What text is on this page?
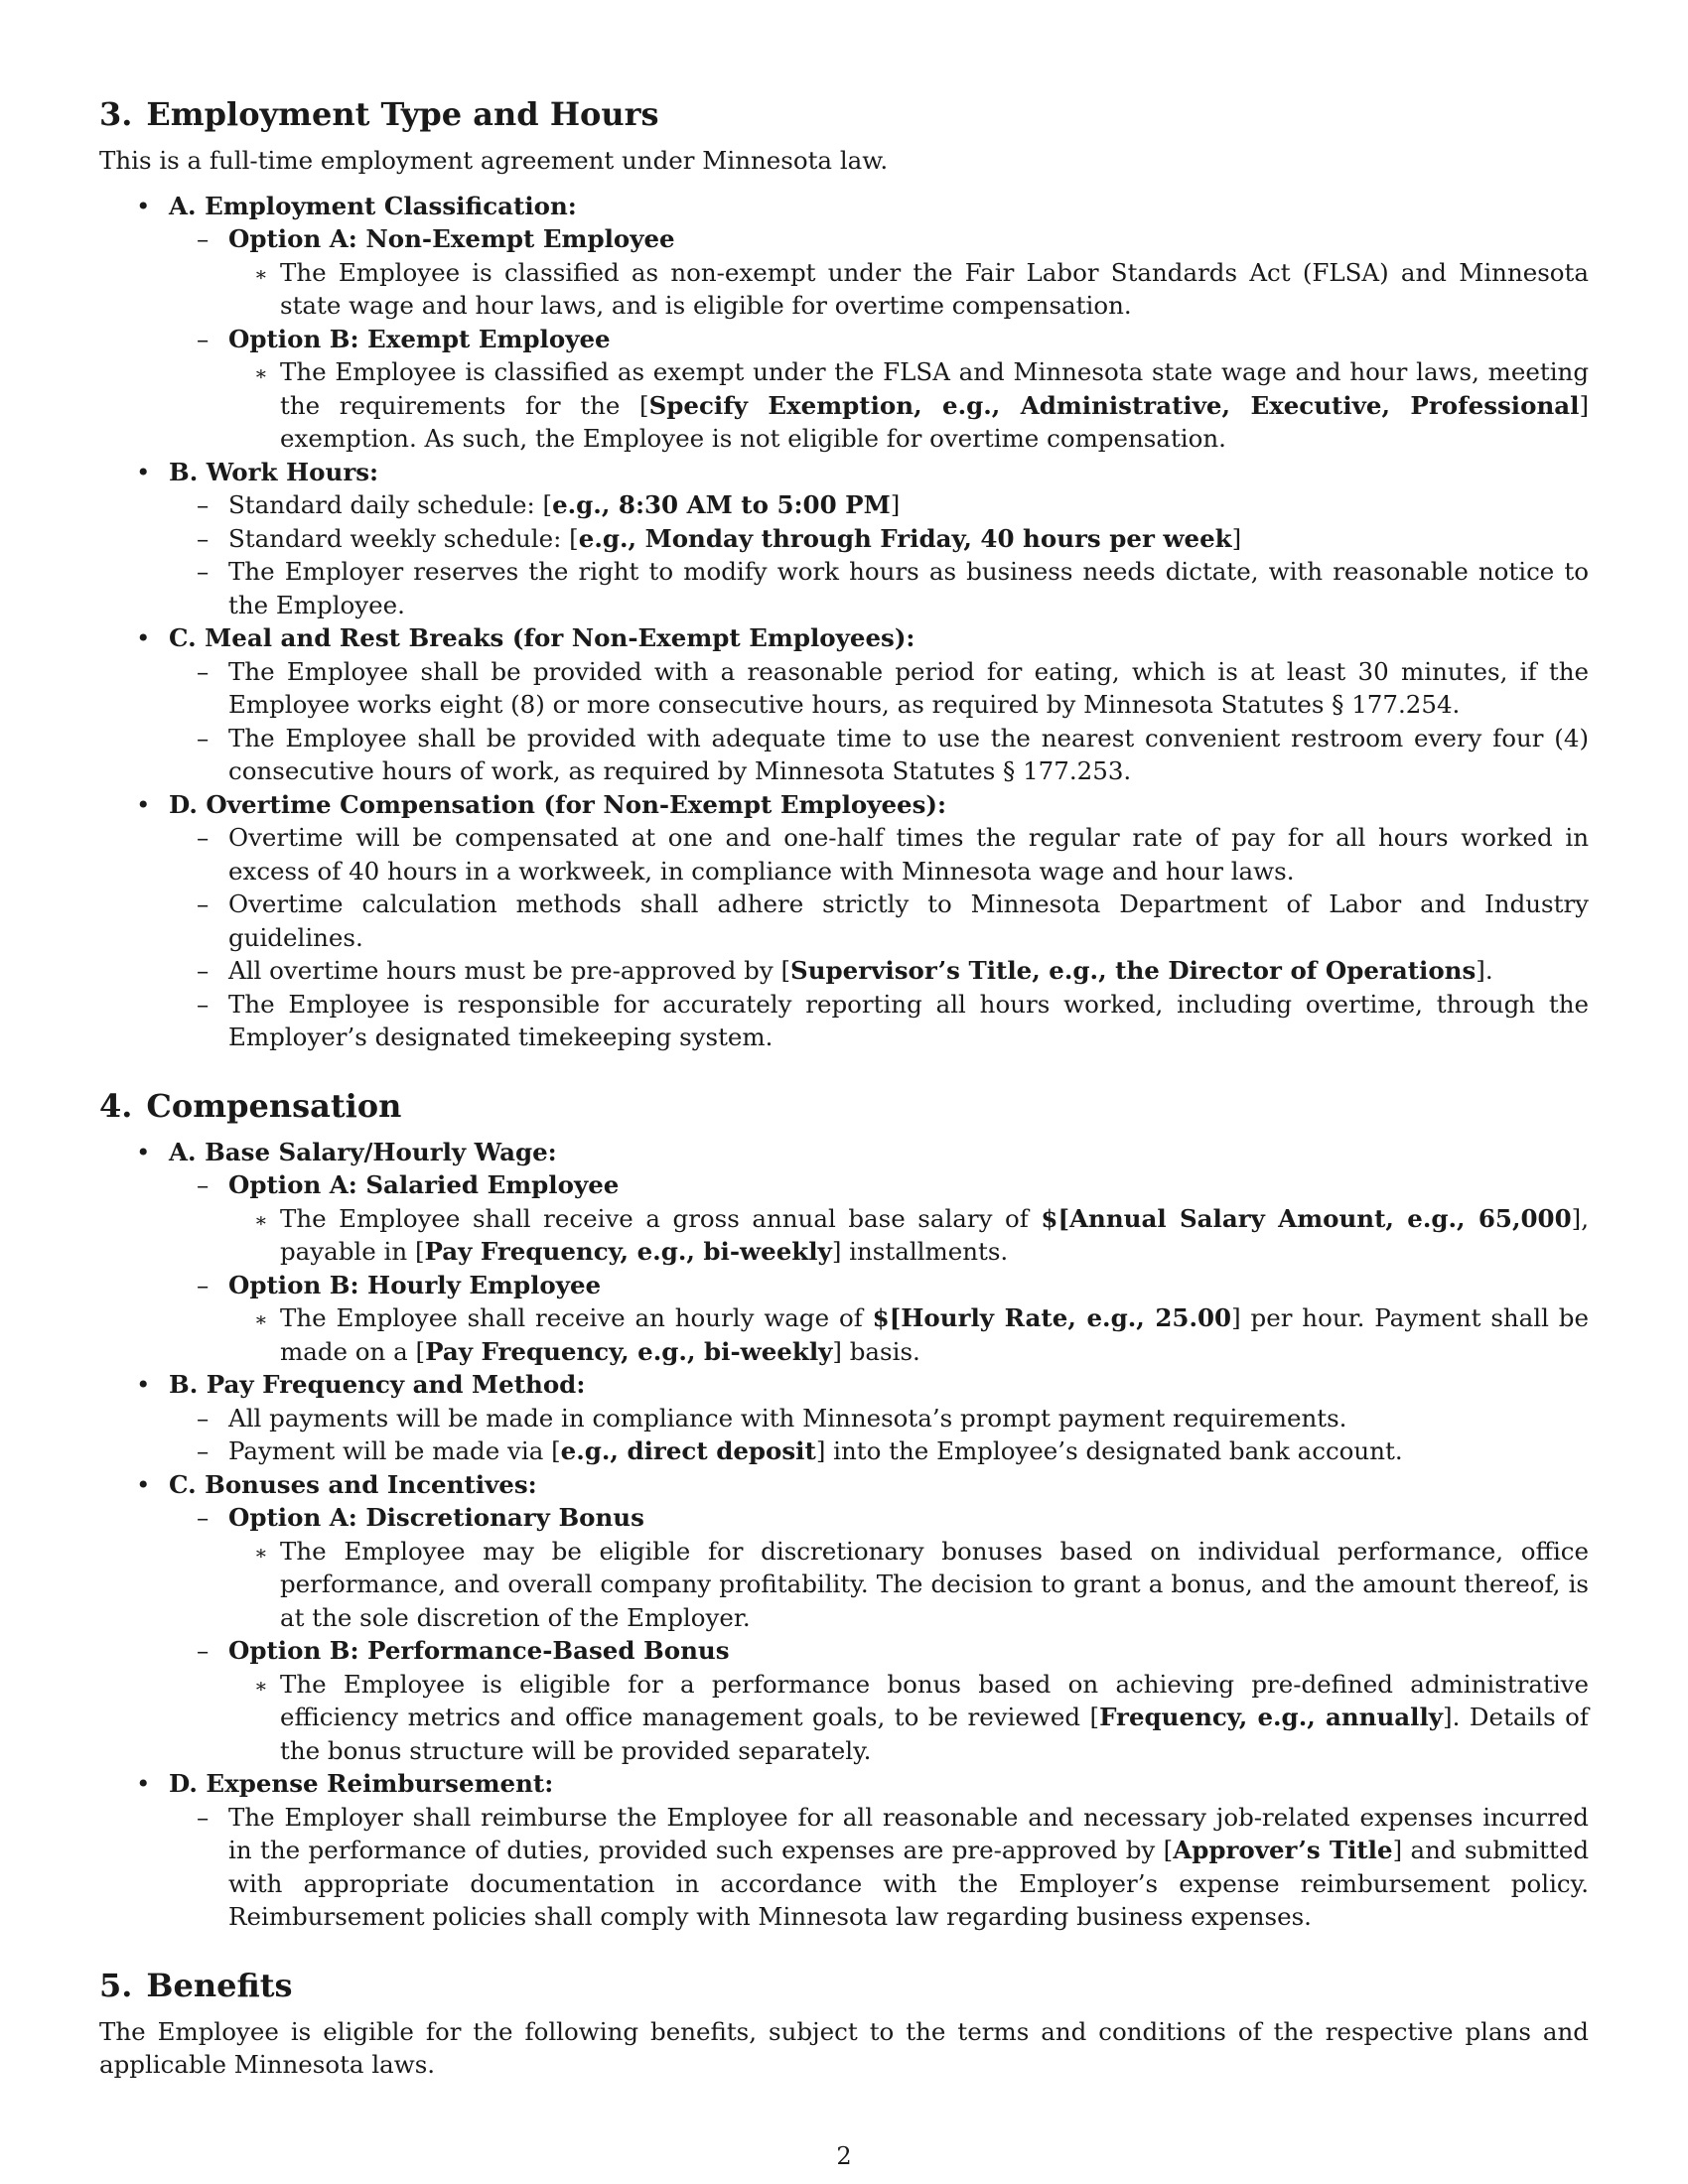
3. Employment Type and Hours

This is a full-time employment agreement under Minnesota law.

• A. Employment Classification:
– Option A: Non-Exempt Employee
∗ The Employee is classified as non-exempt under the Fair Labor Standards Act (FLSA) and Minnesota state wage and hour laws, and is eligible for overtime compensation.
– Option B: Exempt Employee
∗ The Employee is classified as exempt under the FLSA and Minnesota state wage and hour laws, meeting the requirements for the [Specify Exemption, e.g., Administrative, Executive, Professional] exemption. As such, the Employee is not eligible for overtime compensation.
• B. Work Hours:
– Standard daily schedule: [e.g., 8:30 AM to 5:00 PM]
– Standard weekly schedule: [e.g., Monday through Friday, 40 hours per week]
– The Employer reserves the right to modify work hours as business needs dictate, with reasonable notice to the Employee.
• C. Meal and Rest Breaks (for Non-Exempt Employees):
– The Employee shall be provided with a reasonable period for eating, which is at least 30 minutes, if the Employee works eight (8) or more consecutive hours, as required by Minnesota Statutes § 177.254.
– The Employee shall be provided with adequate time to use the nearest convenient restroom every four (4) consecutive hours of work, as required by Minnesota Statutes § 177.253.
• D. Overtime Compensation (for Non-Exempt Employees):
– Overtime will be compensated at one and one-half times the regular rate of pay for all hours worked in excess of 40 hours in a workweek, in compliance with Minnesota wage and hour laws.
– Overtime calculation methods shall adhere strictly to Minnesota Department of Labor and Industry guidelines.
– All overtime hours must be pre-approved by [Supervisor’s Title, e.g., the Director of Operations].
– The Employee is responsible for accurately reporting all hours worked, including overtime, through the Employer’s designated timekeeping system.
4. Compensation
• A. Base Salary/Hourly Wage:
– Option A: Salaried Employee
∗ The Employee shall receive a gross annual base salary of $[Annual Salary Amount, e.g., 65,000], payable in [Pay Frequency, e.g., bi-weekly] installments.
– Option B: Hourly Employee
∗ The Employee shall receive an hourly wage of $[Hourly Rate, e.g., 25.00] per hour. Payment shall be made on a [Pay Frequency, e.g., bi-weekly] basis.
• B. Pay Frequency and Method:
– All payments will be made in compliance with Minnesota’s prompt payment requirements.
– Payment will be made via [e.g., direct deposit] into the Employee’s designated bank account.
• C. Bonuses and Incentives:
– Option A: Discretionary Bonus
∗ The Employee may be eligible for discretionary bonuses based on individual performance, office performance, and overall company profitability. The decision to grant a bonus, and the amount thereof, is at the sole discretion of the Employer.
– Option B: Performance-Based Bonus
∗ The Employee is eligible for a performance bonus based on achieving pre-defined administrative efficiency metrics and office management goals, to be reviewed [Frequency, e.g., annually]. Details of the bonus structure will be provided separately.
• D. Expense Reimbursement:
– The Employer shall reimburse the Employee for all reasonable and necessary job-related expenses incurred in the performance of duties, provided such expenses are pre-approved by [Approver’s Title] and submitted with appropriate documentation in accordance with the Employer’s expense reimbursement policy. Reimbursement policies shall comply with Minnesota law regarding business expenses.
5. Benefits

The Employee is eligible for the following benefits, subject to the terms and conditions of the respective plans and applicable Minnesota laws.

2
